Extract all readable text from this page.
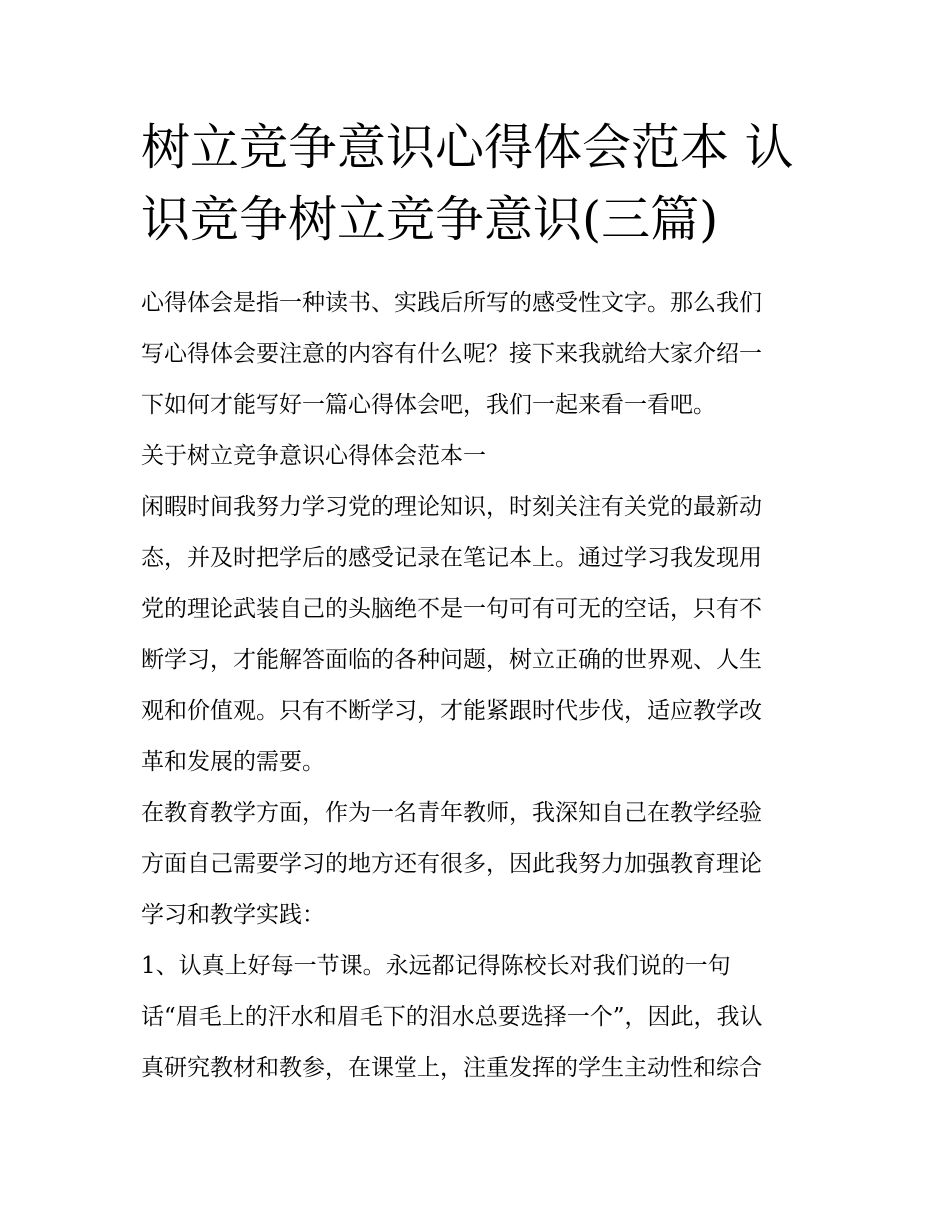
树立竞争意识心得体会范本 认
识竞争树立竞争意识(三篇)
心得体会是指一种读书、实践后所写的感受性文字。那么我们
写心得体会要注意的内容有什么呢？接下来我就给大家介绍一
下如何才能写好一篇心得体会吧，我们一起来看一看吧。
关于树立竞争意识心得体会范本一
闲暇时间我努力学习党的理论知识，时刻关注有关党的最新动
态，并及时把学后的感受记录在笔记本上。通过学习我发现用
党的理论武装自己的头脑绝不是一句可有可无的空话，只有不
断学习，才能解答面临的各种问题，树立正确的世界观、人生
观和价值观。只有不断学习，才能紧跟时代步伐，适应教学改
革和发展的需要。
在教育教学方面，作为一名青年教师，我深知自己在教学经验
方面自己需要学习的地方还有很多，因此我努力加强教育理论
学习和教学实践：
1、认真上好每一节课。永远都记得陈校长对我们说的一句
话“眉毛上的汗水和眉毛下的泪水总要选择一个”，因此，我认
真研究教材和教参，在课堂上，注重发挥的学生主动性和综合
